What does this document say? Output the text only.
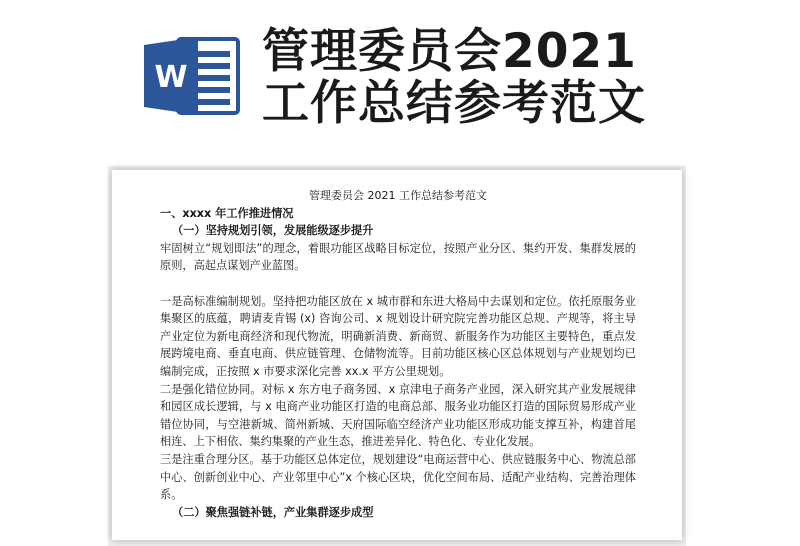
W 管理委员会2021
工作总结参考范文

管理委员会 2021 工作总结参考范文

一、xxxx 年工作推进情况

（一）坚持规划引领，发展能级逐步提升

牢固树立“规划即法”的理念，着眼功能区战略目标定位，按照产业分区、集约开发、集群发展的原则，高起点谋划产业蓝图。

一是高标准编制规划。坚持把功能区放在 x 城市群和东进大格局中去谋划和定位。依托原服务业集聚区的底蕴，聘请麦肯锡 (x) 咨询公司、x 规划设计研究院完善功能区总规、产规等，将主导产业定位为新电商经济和现代物流，明确新消费、新商贸、新服务作为功能区主要特色，重点发展跨境电商、垂直电商、供应链管理、仓储物流等。目前功能区核心区总体规划与产业规划均已编制完成，正按照 x 市要求深化完善 xx.x 平方公里规划。

二是强化错位协同。对标 x 东方电子商务园、x 京津电子商务产业园，深入研究其产业发展规律和园区成长逻辑，与 x 电商产业功能区打造的电商总部、服务业功能区打造的国际贸易形成产业错位协同，与空港新城、简州新城、天府国际临空经济产业功能区形成功能支撑互补，构建首尾相连、上下相依、集约集聚的产业生态，推进差异化、特色化、专业化发展。

三是注重合理分区。基于功能区总体定位，规划建设“电商运营中心、供应链服务中心、物流总部中心、创新创业中心、产业邻里中心”x 个核心区块，优化空间布局、适配产业结构、完善治理体系。

（二）聚焦强链补链，产业集群逐步成型
